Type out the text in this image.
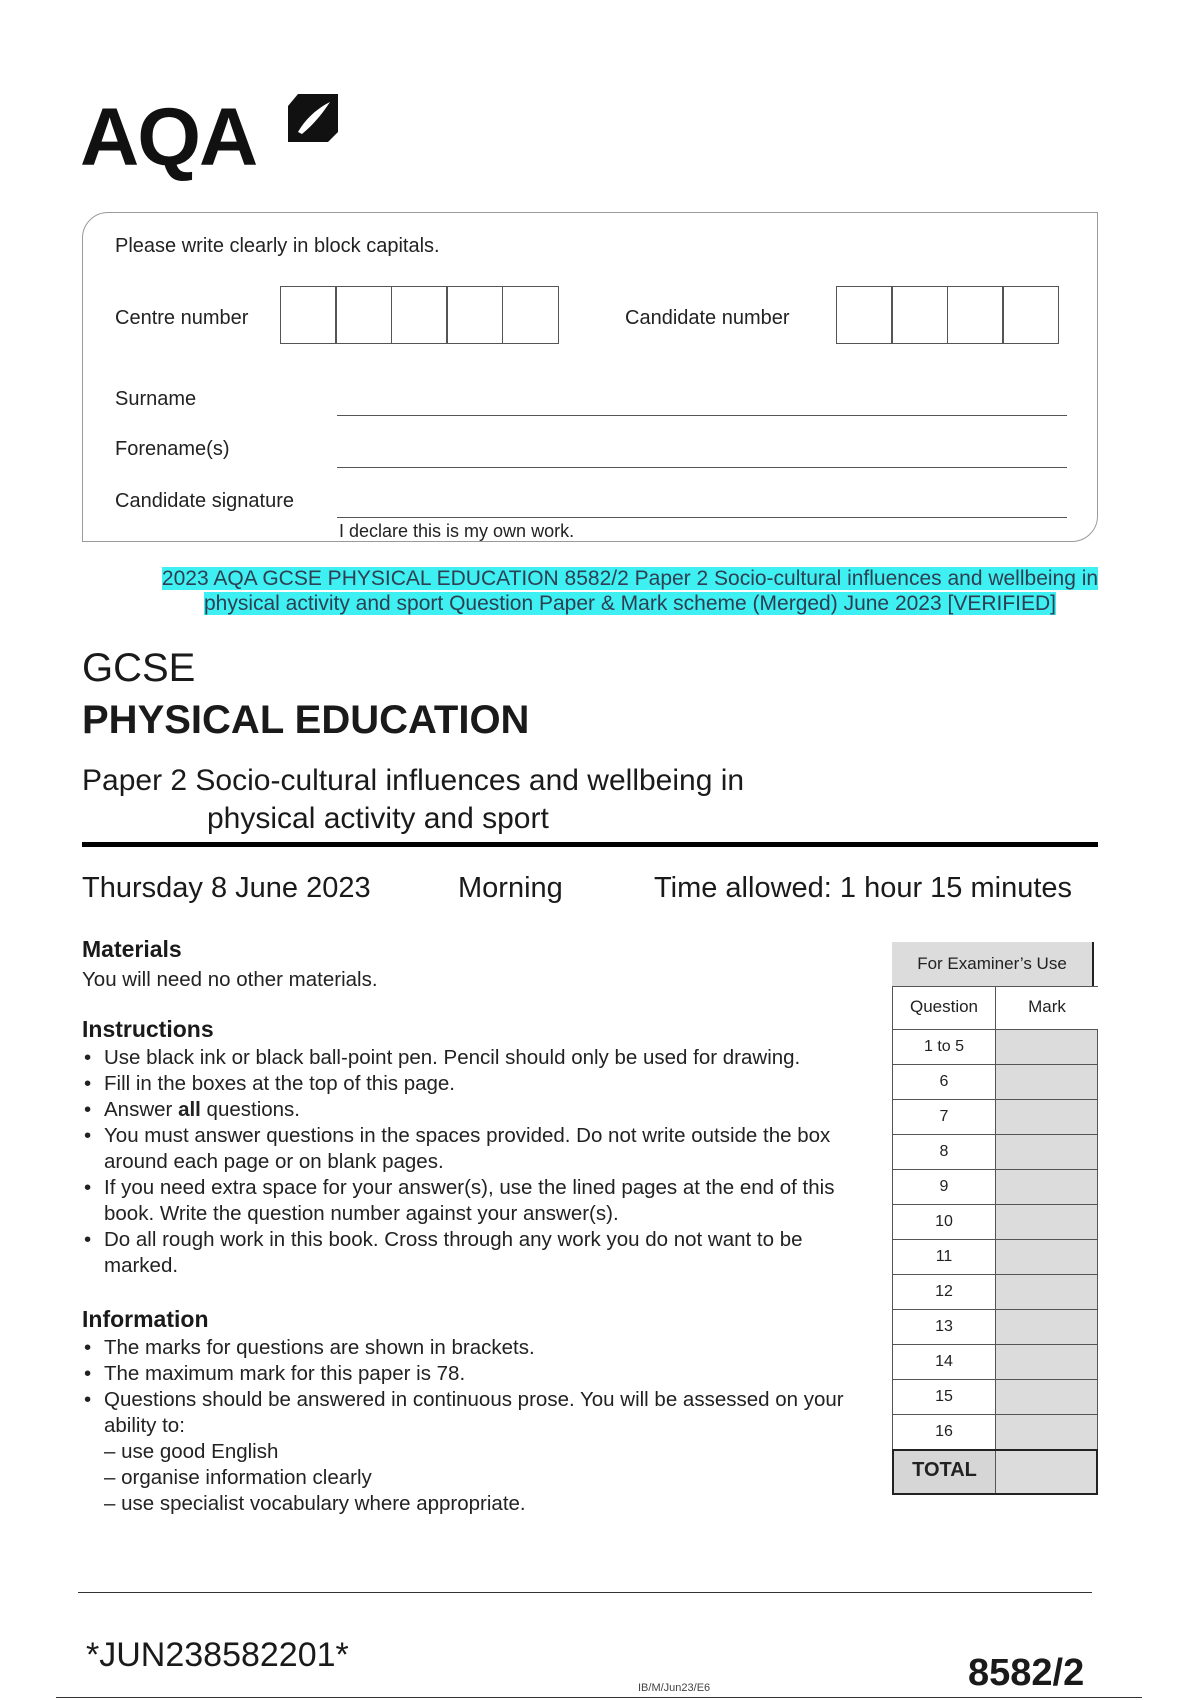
AQA
Please write clearly in block capitals.
Centre number	Candidate number
Surname
Forename(s)
Candidate signature
I declare this is my own work.
2023 AQA GCSE PHYSICAL EDUCATION 8582/2 Paper 2 Socio-cultural influences and wellbeing in physical activity and sport Question Paper & Mark scheme (Merged) June 2023 [VERIFIED]
GCSE
PHYSICAL EDUCATION
Paper 2 Socio-cultural influences and wellbeing in
physical activity and sport
Thursday 8 June 2023	Morning	Time allowed: 1 hour 15 minutes
Materials
You will need no other materials.
Instructions
• Use black ink or black ball-point pen. Pencil should only be used for drawing.
• Fill in the boxes at the top of this page.
• Answer all questions.
• You must answer questions in the spaces provided. Do not write outside the box around each page or on blank pages.
• If you need extra space for your answer(s), use the lined pages at the end of this book. Write the question number against your answer(s).
• Do all rough work in this book. Cross through any work you do not want to be marked.
Information
• The marks for questions are shown in brackets.
• The maximum mark for this paper is 78.
• Questions should be answered in continuous prose. You will be assessed on your ability to:
– use good English
– organise information clearly
– use specialist vocabulary where appropriate.
For Examiner’s Use
Question	Mark
1 to 5
6
7
8
9
10
11
12
13
14
15
16
TOTAL
*JUN238582201*
IB/M/Jun23/E6	8582/2
